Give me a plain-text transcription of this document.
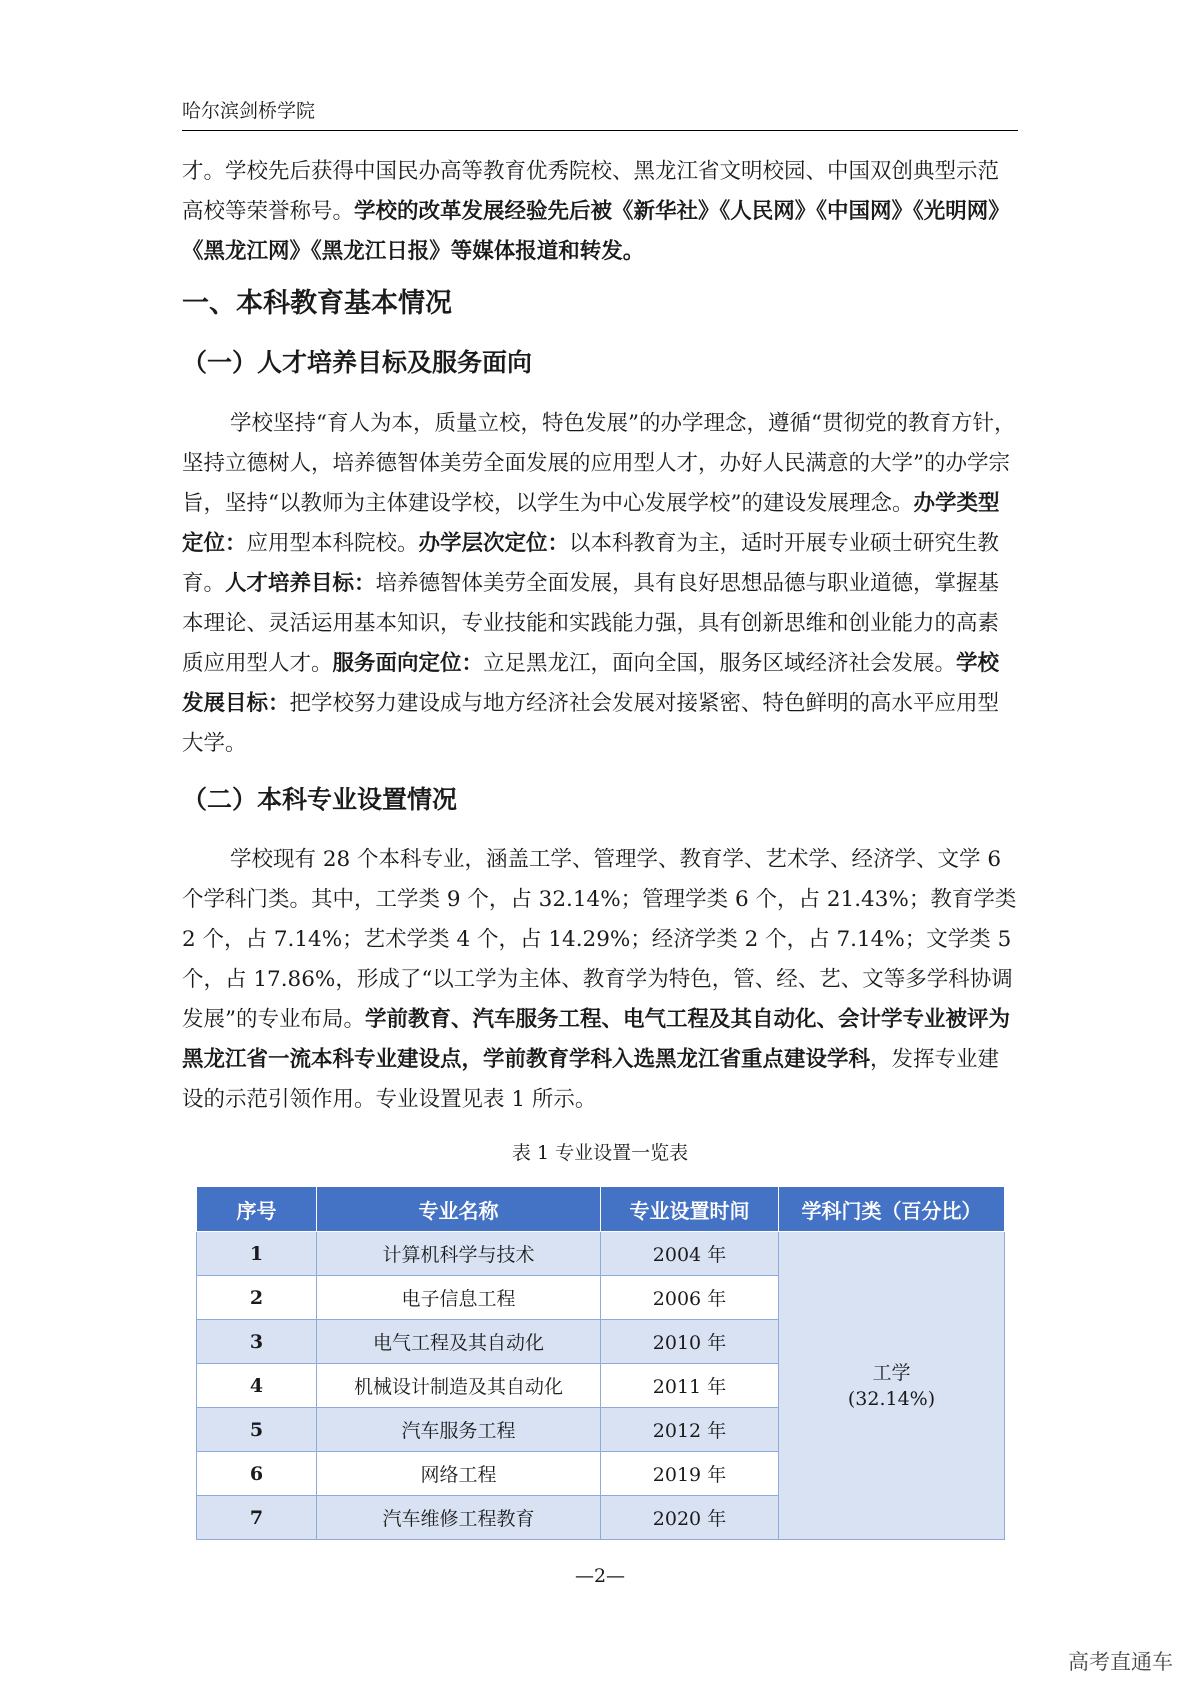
哈尔滨剑桥学院
才。学校先后获得中国民办高等教育优秀院校、黑龙江省文明校园、中国双创典型示范高校等荣誉称号。学校的改革发展经验先后被《新华社》《人民网》《中国网》《光明网》《黑龙江网》《黑龙江日报》等媒体报道和转发。
一、本科教育基本情况
（一）人才培养目标及服务面向
学校坚持“育人为本，质量立校，特色发展”的办学理念，遵循“贯彻党的教育方针，坚持立德树人，培养德智体美劳全面发展的应用型人才，办好人民满意的大学”的办学宗旨，坚持“以教师为主体建设学校，以学生为中心发展学校”的建设发展理念。办学类型定位：应用型本科院校。办学层次定位：以本科教育为主，适时开展专业硕士研究生教育。人才培养目标：培养德智体美劳全面发展，具有良好思想品德与职业道德，掌握基本理论、灵活运用基本知识，专业技能和实践能力强，具有创新思维和创业能力的高素质应用型人才。服务面向定位：立足黑龙江，面向全国，服务区域经济社会发展。学校发展目标：把学校努力建设成与地方经济社会发展对接紧密、特色鲜明的高水平应用型大学。
（二）本科专业设置情况
学校现有 28 个本科专业，涵盖工学、管理学、教育学、艺术学、经济学、文学 6 个学科门类。其中，工学类 9 个，占 32.14%；管理学类 6 个，占 21.43%；教育学类 2 个，占 7.14%；艺术学类 4 个，占 14.29%；经济学类 2 个，占 7.14%；文学类 5 个，占 17.86%，形成了“以工学为主体、教育学为特色，管、经、艺、文等多学科协调发展”的专业布局。学前教育、汽车服务工程、电气工程及其自动化、会计学专业被评为黑龙江省一流本科专业建设点，学前教育学科入选黑龙江省重点建设学科，发挥专业建设的示范引领作用。专业设置见表 1 所示。
表 1 专业设置一览表
序号	专业名称	专业设置时间	学科门类（百分比）
1	计算机科学与技术	2004 年	工学
(32.14%)
2	电子信息工程	2006 年	
3	电气工程及其自动化	2010 年	
4	机械设计制造及其自动化	2011 年	
5	汽车服务工程	2012 年	
6	网络工程	2019 年	
7	汽车维修工程教育	2020 年	
—2—
高考直通车
